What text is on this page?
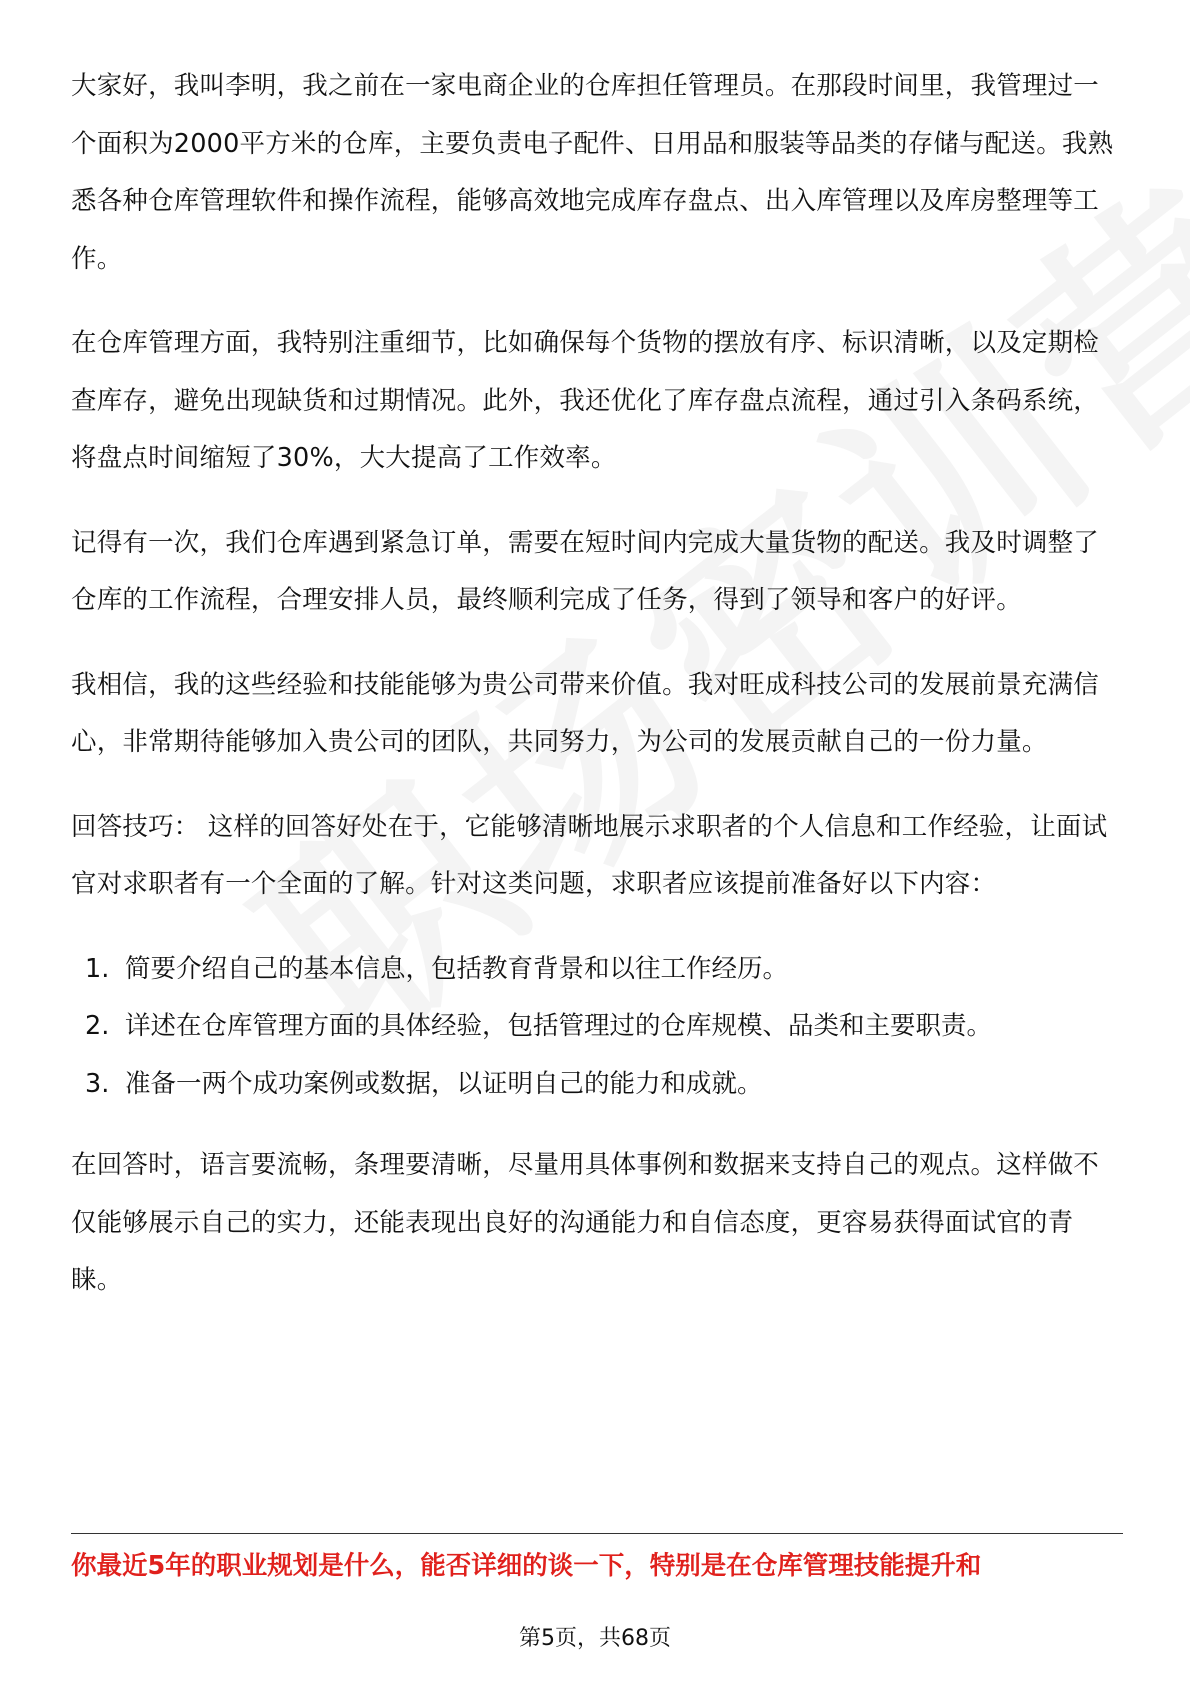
大家好，我叫李明，我之前在一家电商企业的仓库担任管理员。在那段时间里，我管理过一个面积为2000平方米的仓库，主要负责电子配件、日用品和服装等品类的存储与配送。我熟悉各种仓库管理软件和操作流程，能够高效地完成库存盘点、出入库管理以及库房整理等工作。

在仓库管理方面，我特别注重细节，比如确保每个货物的摆放有序、标识清晰，以及定期检查库存，避免出现缺货和过期情况。此外，我还优化了库存盘点流程，通过引入条码系统，将盘点时间缩短了30%，大大提高了工作效率。

记得有一次，我们仓库遇到紧急订单，需要在短时间内完成大量货物的配送。我及时调整了仓库的工作流程，合理安排人员，最终顺利完成了任务，得到了领导和客户的好评。

我相信，我的这些经验和技能能够为贵公司带来价值。我对旺成科技公司的发展前景充满信心，非常期待能够加入贵公司的团队，共同努力，为公司的发展贡献自己的一份力量。

回答技巧： 这样的回答好处在于，它能够清晰地展示求职者的个人信息和工作经验，让面试官对求职者有一个全面的了解。针对这类问题，求职者应该提前准备好以下内容：

1. 简要介绍自己的基本信息，包括教育背景和以往工作经历。
2. 详述在仓库管理方面的具体经验，包括管理过的仓库规模、品类和主要职责。
3. 准备一两个成功案例或数据，以证明自己的能力和成就。

在回答时，语言要流畅，条理要清晰，尽量用具体事例和数据来支持自己的观点。这样做不仅能够展示自己的实力，还能表现出良好的沟通能力和自信态度，更容易获得面试官的青睐。

你最近5年的职业规划是什么，能否详细的谈一下，特别是在仓库管理技能提升和
第5页，共68页
